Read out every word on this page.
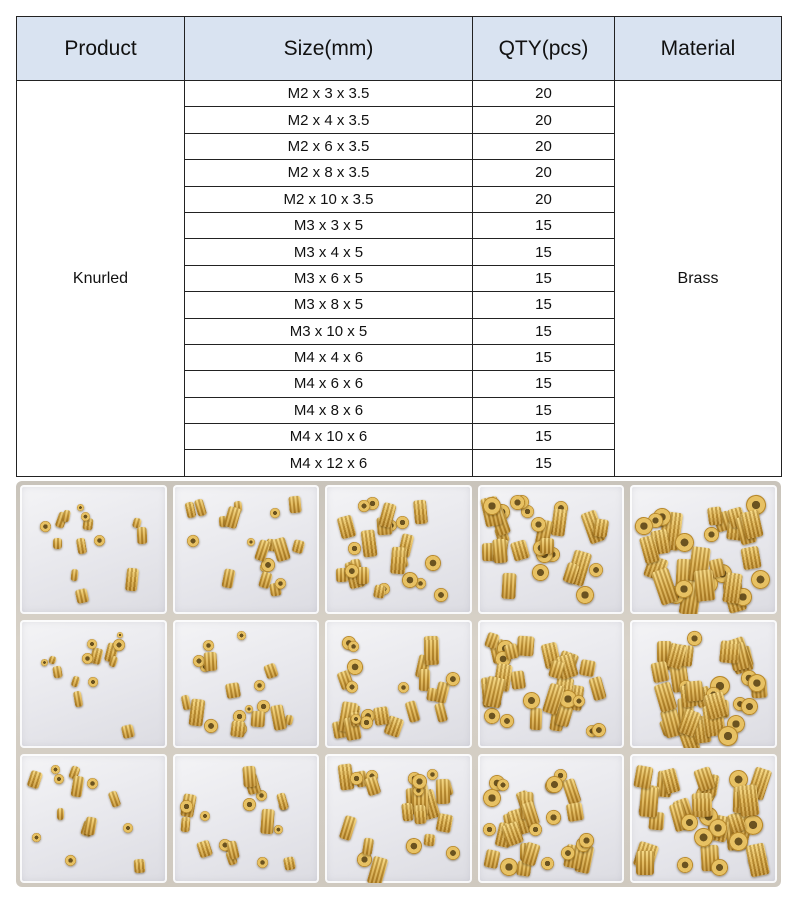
Product	Size(mm)	QTY(pcs)	Material
Knurled	M2 x 3 x 3.5	20	Brass
	M2 x 4 x 3.5	20	
	M2 x 6 x 3.5	20	
	M2 x 8 x 3.5	20	
	M2 x 10 x 3.5	20	
	M3 x 3 x 5	15	
	M3 x 4 x 5	15	
	M3 x 6 x 5	15	
	M3 x 8 x 5	15	
	M3 x 10 x 5	15	
	M4 x 4 x 6	15	
	M4 x 6 x 6	15	
	M4 x 8 x 6	15	
	M4 x 10 x 6	15	
	M4 x 12 x 6	15	
